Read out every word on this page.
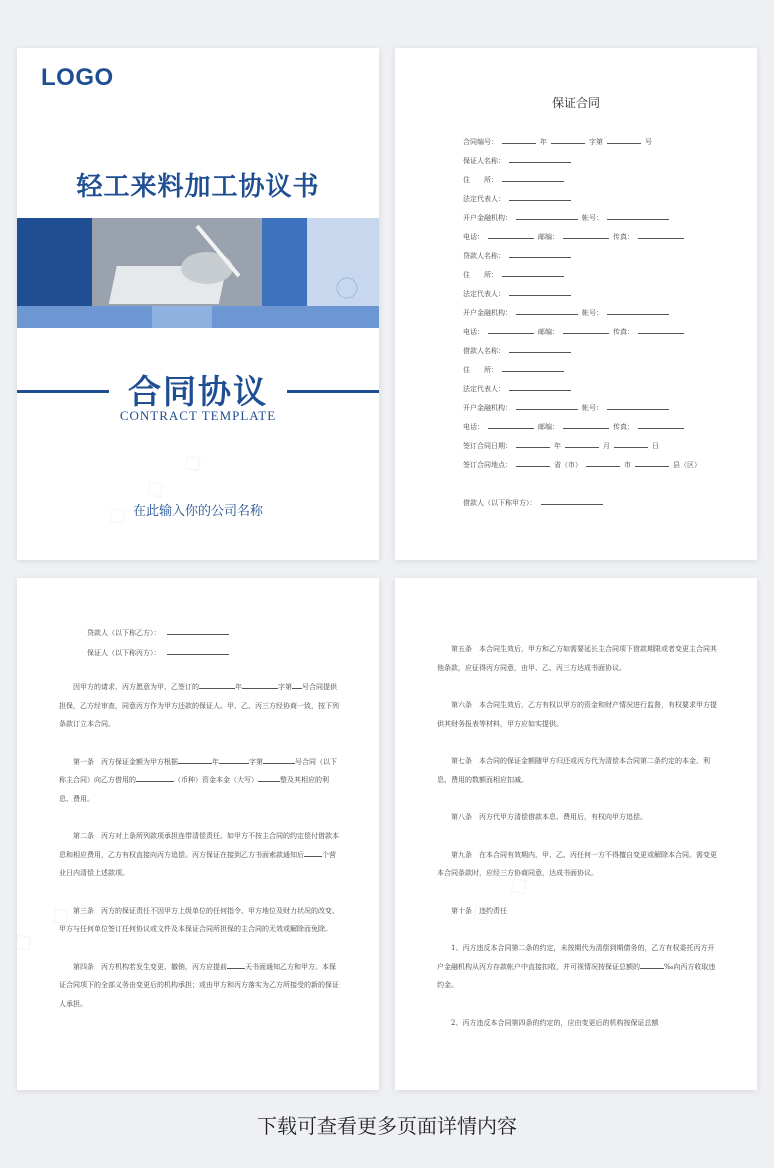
LOGO
轻工来料加工协议书
合同协议
CONTRACT TEMPLATE
在此输入你的公司名称
保证合同
合同编号：	年	字第	号
保证人名称：
住　　所：
法定代表人：
开户金融机构：	帐号：
电话：	邮编：	传真：
贷款人名称：
住　　所：
法定代表人：
开户金融机构：	帐号：
电话：	邮编：	传真：
借款人名称：
住　　所：
法定代表人：
开户金融机构：	帐号：
电话：	邮编：	传真：
签订合同日期：	年	月	日
签订合同地点：	省（市）	市	县（区）
借款人（以下称甲方）：
贷款人（以下称乙方）：
保证人（以下称丙方）：

因甲方的请求，丙方愿意为甲、乙签订的	年	字第 号合同提供担保，乙方经审查，同意丙方作为甲方还款的保证人。甲、乙、丙三方经协商一致，按下列条款订立本合同。

第一条　丙方保证金额为甲方根据	年	字第	号合同（以下称主合同）向乙方借用的	（币种）资金本金（大写）	整及其相应的利息、费用。

第二条　丙方对上条所列款项承担连带清偿责任。如甲方不按主合同的约定偿付借款本息和相应费用，乙方有权直接向丙方追偿。丙方保证在接到乙方书面索款通知后	个营业日内清偿上述款项。

第三条　丙方的保证责任不因甲方上级单位的任何指令、甲方地位及财力状况的改变、甲方与任何单位签订任何协议或文件及本保证合同所担保的主合同的无效或解除而免除。

第四条　丙方机构若发生变更、撤销，丙方应提前	天书面通知乙方和甲方。本保证合同项下的全部义务由变更后的机构承担；或由甲方和丙方落实为乙方所接受的新的保证人承担。

第五条　本合同生效后，甲方和乙方如需要延长主合同项下借款期限或者变更主合同其他条款，应征得丙方同意，由甲、乙、丙三方达成书面协议。

第六条　本合同生效后，乙方有权以甲方的资金和财产情况进行监督，有权要求甲方提供其财务报表等材料，甲方应如实提供。

第七条　本合同的保证金额随甲方归还或丙方代为清偿本合同第二条约定的本金、利息、费用的数额而相应扣减。

第八条　丙方代甲方清偿借款本息、费用后，有权向甲方追偿。

第九条　在本合同有效期内，甲、乙、丙任何一方不得擅自变更或解除本合同。需变更本合同条款时，应经三方协商同意，达成书面协议。

第十条　违约责任

1、丙方违反本合同第二条的约定，未按期代为清偿到期债务的，乙方有权委托丙方开户金融机构从丙方存款帐户中直接扣收，并可视情况按保证总额的	‰向丙方收取违约金。

2、丙方违反本合同第四条的约定的，应由变更后的机构按保证总额

下载可查看更多页面详情内容
